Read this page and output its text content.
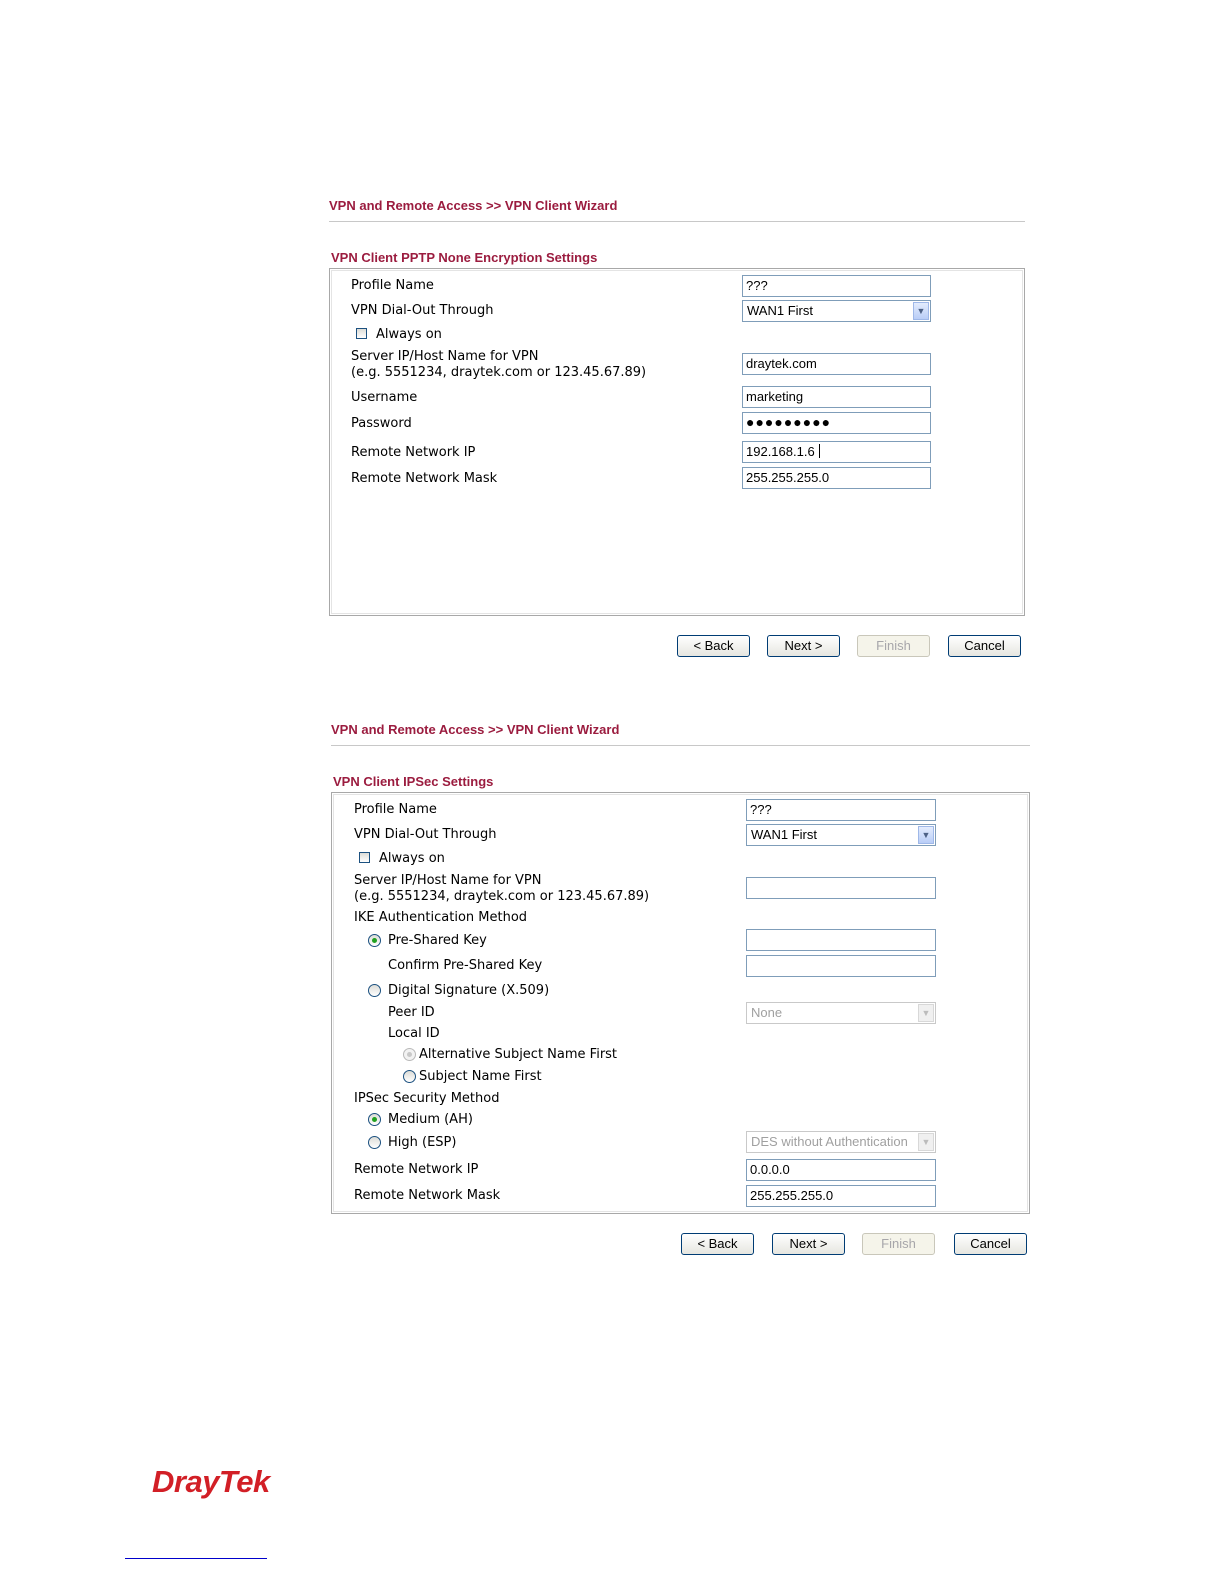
VPN and Remote Access >> VPN Client Wizard
VPN Client PPTP None Encryption Settings
Profile Name	???
VPN Dial-Out Through	WAN1 First	▼
Always on
Server IP/Host Name for VPN
(e.g. 5551234, draytek.com or 123.45.67.89)
draytek.com
Username	marketing
Password	●●●●●●●●●
Remote Network IP	192.168.1.6
Remote Network Mask	255.255.255.0
< Back	Next >	Finish	Cancel
VPN and Remote Access >> VPN Client Wizard
VPN Client IPSec Settings
Profile Name	???
VPN Dial-Out Through	WAN1 First	▼
Always on
Server IP/Host Name for VPN
(e.g. 5551234, draytek.com or 123.45.67.89)
IKE Authentication Method
Pre-Shared Key
Confirm Pre-Shared Key
Digital Signature (X.509)
Peer ID	None	▼
Local ID
Alternative Subject Name First
Subject Name First
IPSec Security Method
Medium (AH)
High (ESP)	DES without Authentication	▼
Remote Network IP	0.0.0.0
Remote Network Mask	255.255.255.0
< Back	Next >	Finish	Cancel
DrayTek
